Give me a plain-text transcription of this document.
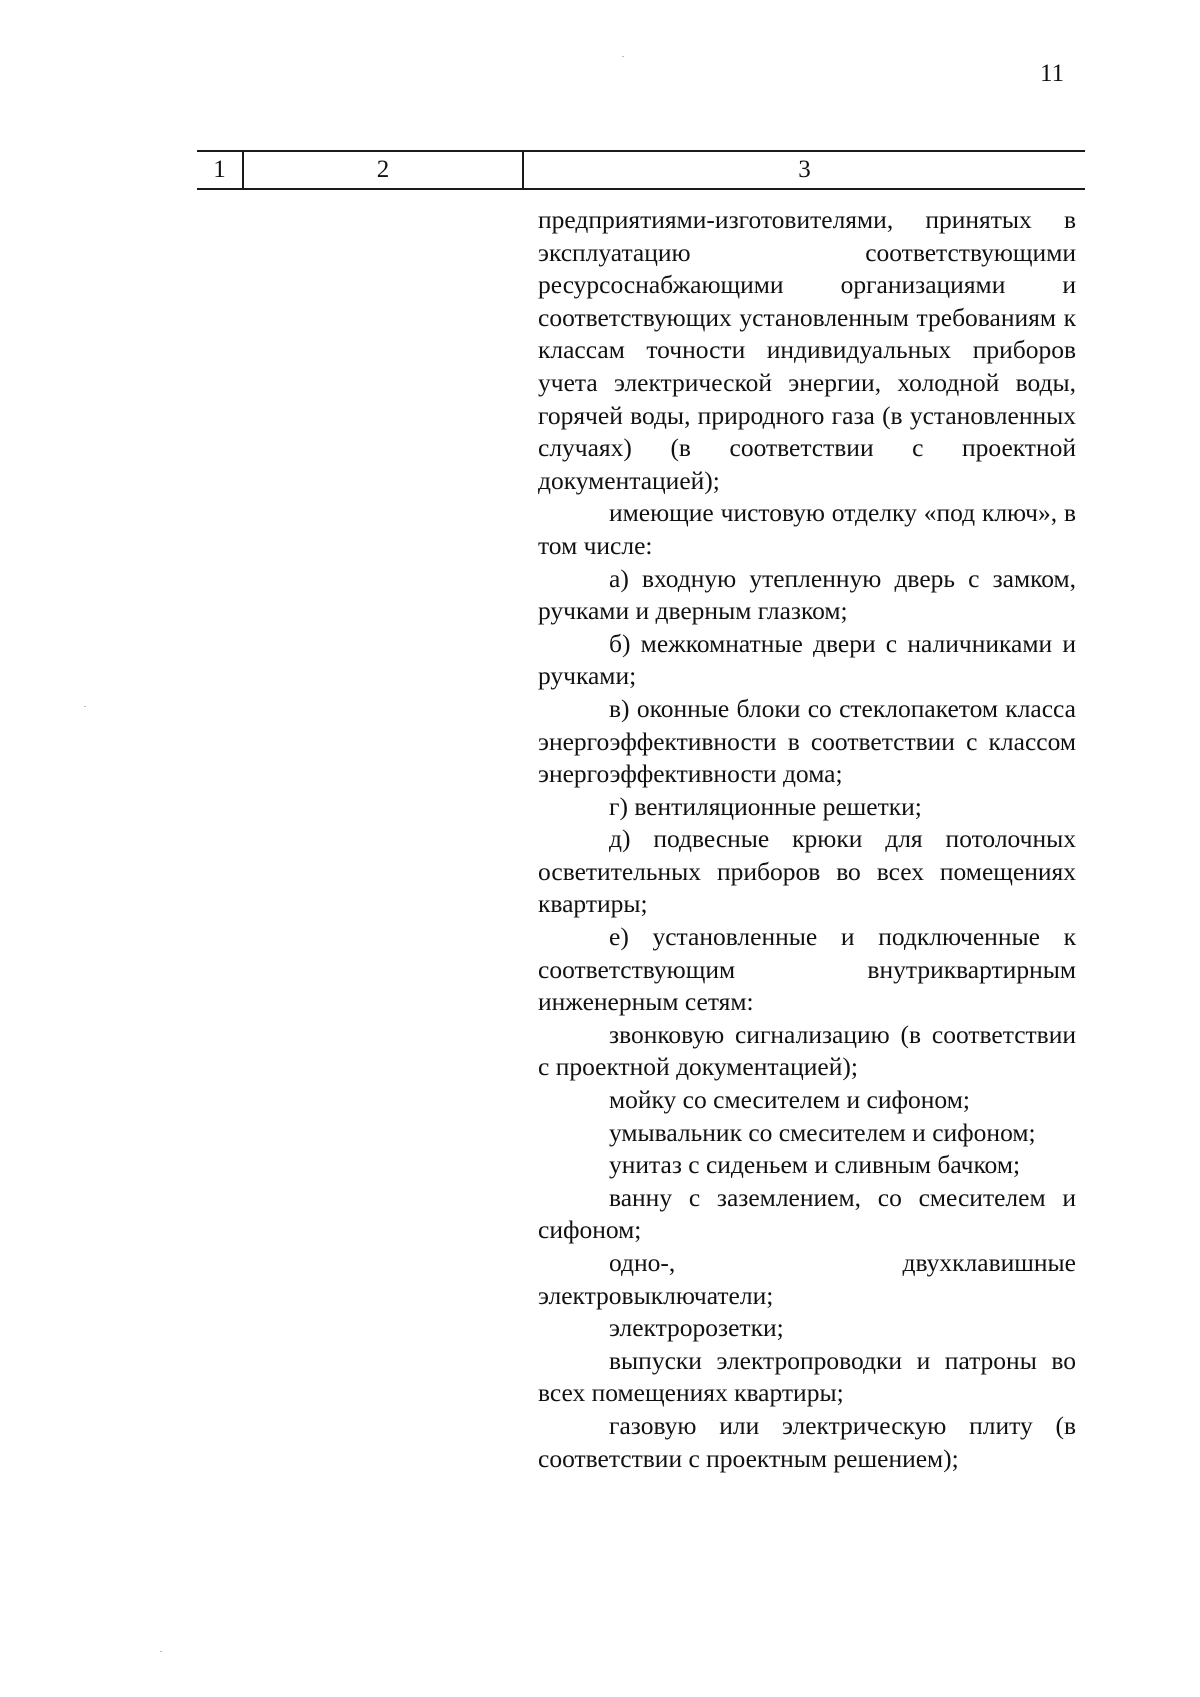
11
1	2	3

предприятиями-изготовителями, принятых в эксплуатацию соответствующими ресурсоснабжающими организациями и соответствующих установленным требованиям к классам точности индивидуальных приборов учета электрической энергии, холодной воды, горячей воды, природного газа (в установленных случаях) (в соответствии с проектной документацией);

имеющие чистовую отделку «под ключ», в том числе:

а) входную утепленную дверь с замком, ручками и дверным глазком;

б) межкомнатные двери с наличниками и ручками;

в) оконные блоки со стеклопакетом класса энергоэффективности в соответствии с классом энергоэффективности дома;

г) вентиляционные решетки;

д) подвесные крюки для потолочных осветительных приборов во всех помещениях квартиры;

е) установленные и подключенные к соответствующим внутриквартирным инженерным сетям:

звонковую сигнализацию (в соответствии с проектной документацией);

мойку со смесителем и сифоном;

умывальник со смесителем и сифоном;

унитаз с сиденьем и сливным бачком;

ванну с заземлением, со смесителем и сифоном;

одно-, двухклавишные электровыключатели;

электророзетки;

выпуски электропроводки и патроны во всех помещениях квартиры;

газовую или электрическую плиту (в соответствии с проектным решением);
